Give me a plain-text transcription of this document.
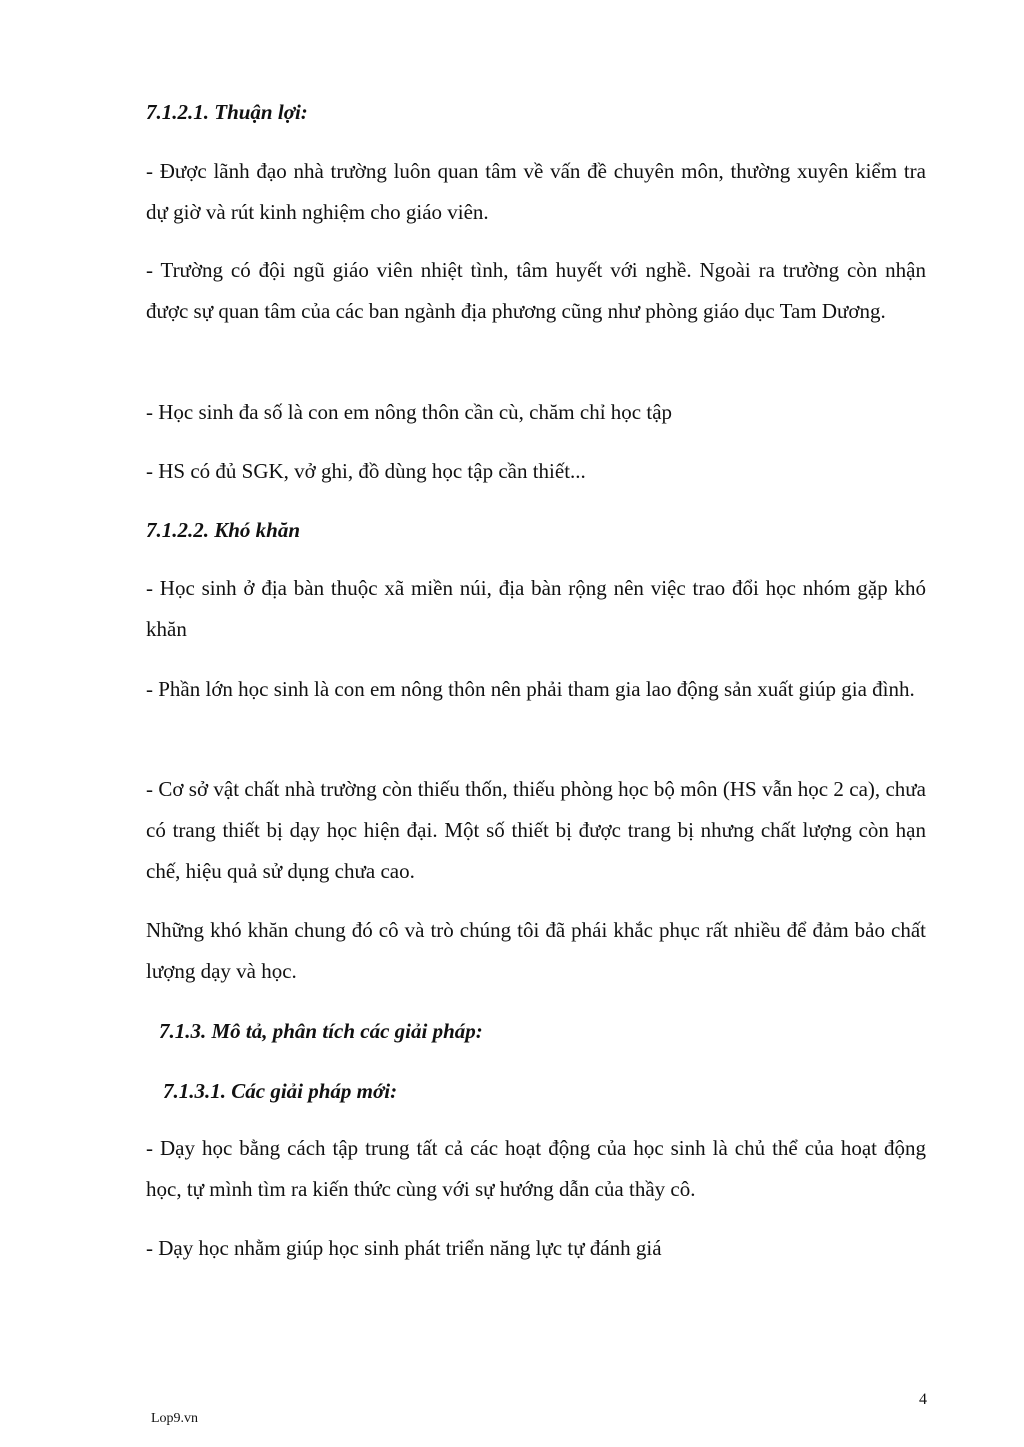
7.1.2.1. Thuận lợi:
- Được lãnh đạo nhà trường luôn quan tâm về vấn đề chuyên môn, thường xuyên kiểm tra dự giờ và rút kinh nghiệm cho giáo viên.
- Trường có đội ngũ giáo viên nhiệt tình, tâm huyết với nghề. Ngoài ra trường còn nhận được sự quan tâm của các ban ngành địa phương cũng như phòng giáo dục Tam Dương.
- Học sinh đa số là con em nông thôn cần cù, chăm chỉ học tập
- HS có đủ SGK, vở ghi, đồ dùng học tập cần thiết...
7.1.2.2. Khó khăn
- Học sinh ở địa bàn thuộc xã miền núi, địa bàn rộng nên việc trao đổi học nhóm gặp khó khăn
- Phần lớn học sinh là con em nông thôn nên phải tham gia lao động sản xuất giúp gia đình.
- Cơ sở vật chất nhà trường còn thiếu thốn, thiếu phòng học bộ môn (HS vẫn học 2 ca), chưa có trang thiết bị dạy học hiện đại. Một số thiết bị được trang bị nhưng chất lượng còn hạn chế, hiệu quả sử dụng chưa cao.
Những khó khăn chung đó cô và trò chúng tôi đã phái khắc phục rất nhiều để đảm bảo chất lượng dạy và học.
7.1.3. Mô tả, phân tích các giải pháp:
7.1.3.1. Các giải pháp mới:
- Dạy học bằng cách tập trung tất cả các hoạt động của học sinh là chủ thể của hoạt động học, tự mình tìm ra kiến thức cùng với sự hướng dẫn của thầy cô.
- Dạy học nhằm giúp học sinh phát triển năng lực tự đánh giá
4
Lop9.vn
